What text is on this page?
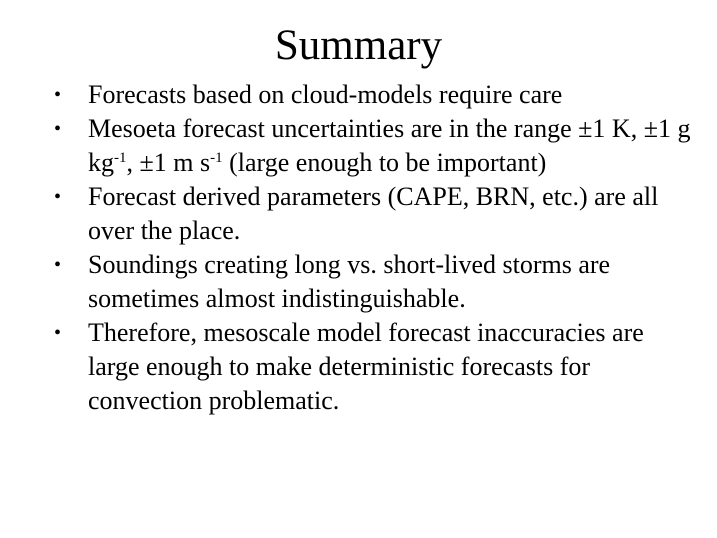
Summary
• Forecasts based on cloud-models require care
• Mesoeta forecast uncertainties are in the range ±1 K, ±1 g $kg^{-1}$, ±1 m $s^{-1}$ (large enough to be important)
• Forecast derived parameters (CAPE, BRN, etc.) are all over the place.
• Soundings creating long vs. short-lived storms are sometimes almost indistinguishable.
• Therefore, mesoscale model forecast inaccuracies are large enough to make deterministic forecasts for convection problematic.
